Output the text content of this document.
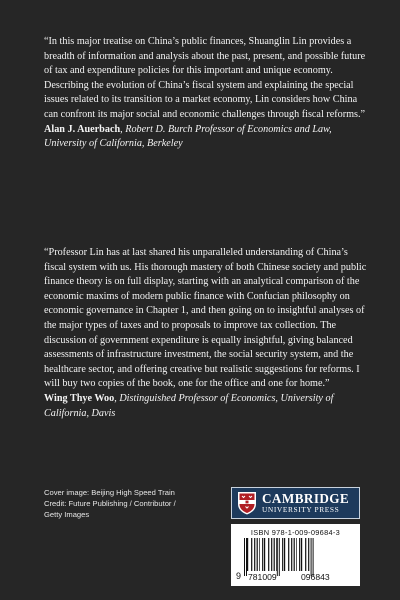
“In this major treatise on China’s public finances, Shuanglin Lin provides a breadth of information and analysis about the past, present, and possible future of tax and expenditure policies for this important and unique economy. Describing the evolution of China’s fiscal system and explaining the special issues related to its transition to a market economy, Lin considers how China can confront its major social and economic challenges through fiscal reforms.”

Alan J. Auerbach, Robert D. Burch Professor of Economics and Law, University of California, Berkeley

“Professor Lin has at last shared his unparalleled understanding of China’s fiscal system with us. His thorough mastery of both Chinese society and public finance theory is on full display, starting with an analytical comparison of the economic maxims of modern public finance with Confucian philosophy on economic governance in Chapter 1, and then going on to insightful analyses of the major types of taxes and to proposals to improve tax collection. The discussion of government expenditure is equally insightful, giving balanced assessments of infrastructure investment, the social security system, and the healthcare sector, and offering creative but realistic suggestions for reforms. I will buy two copies of the book, one for the office and one for home.”

Wing Thye Woo, Distinguished Professor of Economics, University of California, Davis

Cover image: Beijing High Speed Train
Credit: Future Publishing / Contributor /
Getty Images
CAMBRIDGE
UNIVERSITY PRESS
ISBN 978-1-009-09684-3
9 781009	096843
